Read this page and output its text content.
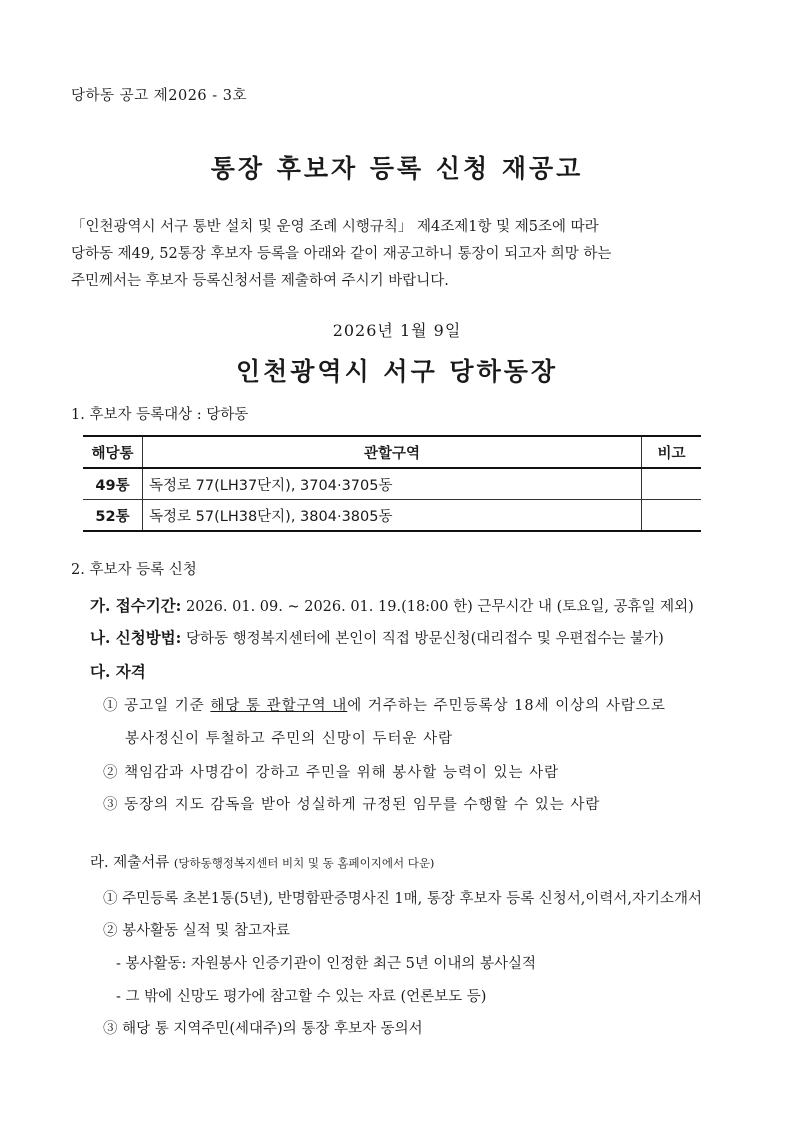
당하동 공고 제2026 - 3호
통장 후보자 등록 신청 재공고
「인천광역시 서구 통반 설치 및 운영 조례 시행규칙」 제4조제1항 및 제5조에 따라
당하동 제49, 52통장 후보자 등록을 아래와 같이 재공고하니 통장이 되고자 희망 하는
주민께서는 후보자 등록신청서를 제출하여 주시기 바랍니다.
2026년 1월 9일
인천광역시 서구 당하동장
1. 후보자 등록대상 : 당하동
해당통	관할구역	비고
49통	독정로 77(LH37단지), 3704·3705동	
52통	독정로 57(LH38단지), 3804·3805동	
2. 후보자 등록 신청
가. 접수기간: 2026. 01. 09. ~ 2026. 01. 19.(18:00 한) 근무시간 내 (토요일, 공휴일 제외)
나. 신청방법: 당하동 행정복지센터에 본인이 직접 방문신청(대리접수 및 우편접수는 불가)
다. 자격
① 공고일 기준 해당 통 관할구역 내에 거주하는 주민등록상 18세 이상의 사람으로
봉사정신이 투철하고 주민의 신망이 두터운 사람
② 책임감과 사명감이 강하고 주민을 위해 봉사할 능력이 있는 사람
③ 동장의 지도 감독을 받아 성실하게 규정된 임무를 수행할 수 있는 사람
라. 제출서류 (당하동행정복지센터 비치 및 동 홈페이지에서 다운)
① 주민등록 초본1통(5년), 반명함판증명사진 1매, 통장 후보자 등록 신청서,이력서,자기소개서
② 봉사활동 실적 및 참고자료
- 봉사활동: 자원봉사 인증기관이 인정한 최근 5년 이내의 봉사실적
- 그 밖에 신망도 평가에 참고할 수 있는 자료 (언론보도 등)
③ 해당 통 지역주민(세대주)의 통장 후보자 동의서
